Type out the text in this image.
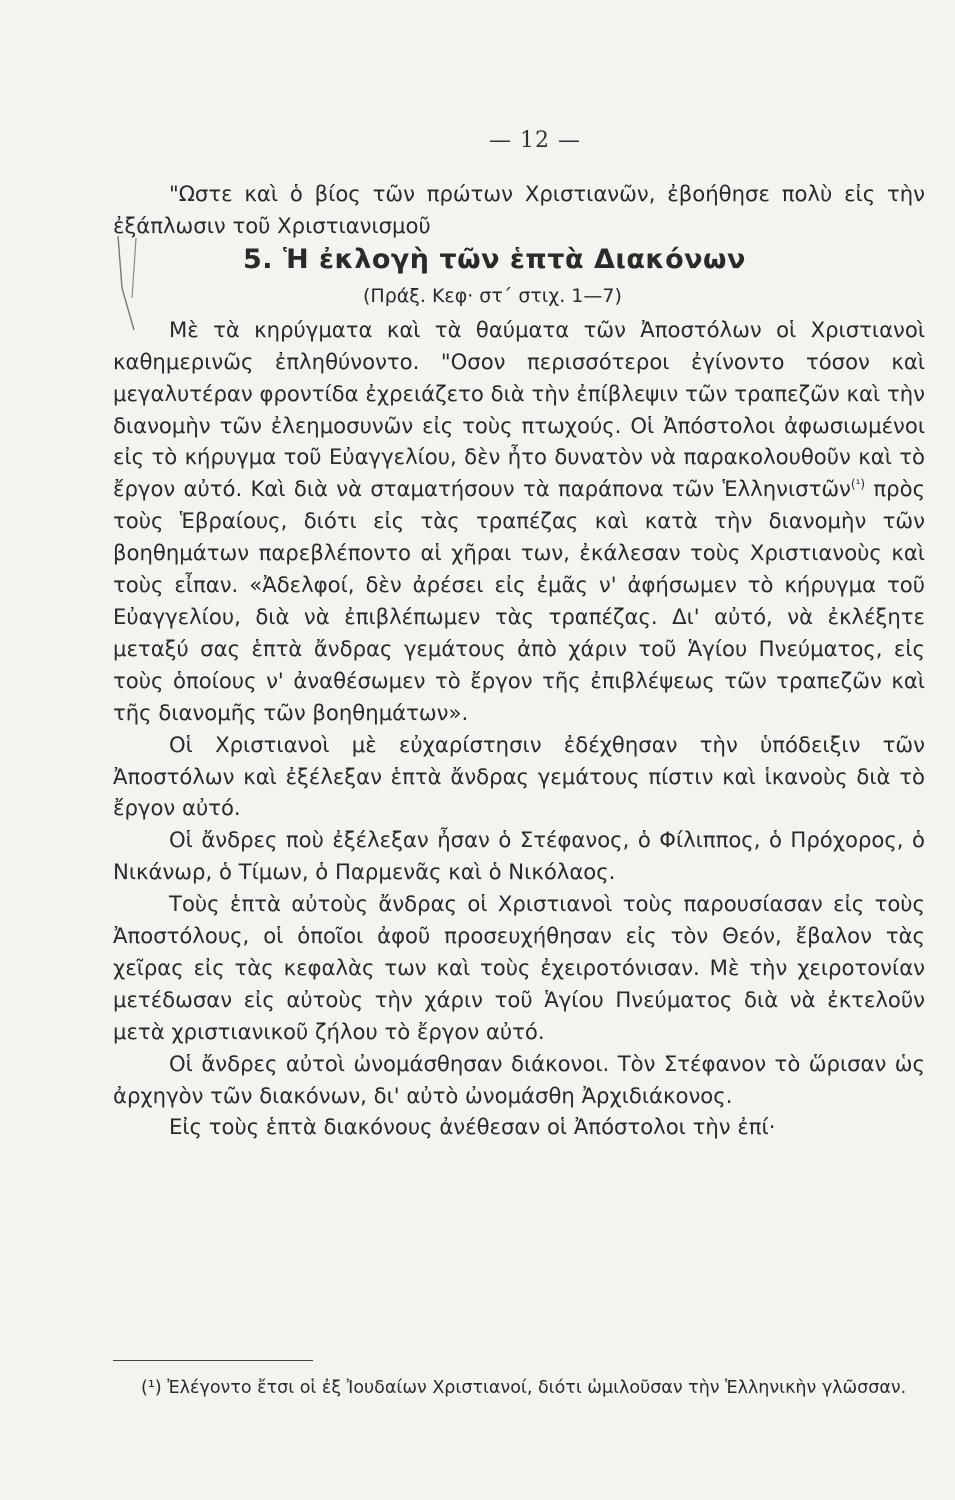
— 12 —

"Ωστε καὶ ὁ βίος τῶν πρώτων Χριστιανῶν, ἐβοήθησε πολὺ εἰς τὴν ἐξάπλωσιν τοῦ Χριστιανισμοῦ

5. Ἡ ἐκλογὴ τῶν ἑπτὰ Διακόνων

(Πράξ. Κεφ· στ΄ στιχ. 1—7)

Μὲ τὰ κηρύγματα καὶ τὰ θαύματα τῶν Ἀποστόλων οἱ Χριστιανοὶ καθημερινῶς ἐπληθύνοντο. "Οσον περισσότεροι ἐγίνοντο τόσον καὶ μεγαλυτέραν φροντίδα ἐχρειάζετο διὰ τὴν ἐπίβλεψιν τῶν τραπεζῶν καὶ τὴν διανομὴν τῶν ἐλεημοσυνῶν εἰς τοὺς πτωχούς. Οἱ Ἀπόστολοι ἀφωσιωμένοι εἰς τὸ κήρυγμα τοῦ Εὐαγγελίου, δὲν ἦτο δυνατὸν νὰ παρακολουθοῦν καὶ τὸ ἔργον αὐτό. Καὶ διὰ νὰ σταματήσουν τὰ παράπονα τῶν Ἑλληνιστῶν$^{(^1)}$ πρὸς τοὺς Ἑβραίους, διότι εἰς τὰς τραπέζας καὶ κατὰ τὴν διανομὴν τῶν βοηθημάτων παρεβλέποντο αἱ χῆραι των, ἐκάλεσαν τοὺς Χριστιανοὺς καὶ τοὺς εἶπαν. «Ἀδελφοί, δὲν ἀρέσει εἰς ἐμᾶς ν' ἀφήσωμεν τὸ κήρυγμα τοῦ Εὐαγγελίου, διὰ νὰ ἐπιβλέπωμεν τὰς τραπέζας. Δι' αὐτό, νὰ ἐκλέξητε μεταξύ σας ἑπτὰ ἄνδρας γεμάτους ἀπὸ χάριν τοῦ Ἁγίου Πνεύματος, εἰς τοὺς ὁποίους ν' ἀναθέσωμεν τὸ ἔργον τῆς ἐπιβλέψεως τῶν τραπεζῶν καὶ τῆς διανομῆς τῶν βοηθημάτων».

Οἱ Χριστιανοὶ μὲ εὐχαρίστησιν ἐδέχθησαν τὴν ὑπόδειξιν τῶν Ἀποστόλων καὶ ἐξέλεξαν ἑπτὰ ἄνδρας γεμάτους πίστιν καὶ ἱκανοὺς διὰ τὸ ἔργον αὐτό.

Οἱ ἄνδρες ποὺ ἐξέλεξαν ἦσαν ὁ Στέφανος, ὁ Φίλιππος, ὁ Πρόχορος, ὁ Νικάνωρ, ὁ Τίμων, ὁ Παρμενᾶς καὶ ὁ Νικόλαος.

Τοὺς ἑπτὰ αὐτοὺς ἄνδρας οἱ Χριστιανοὶ τοὺς παρουσίασαν εἰς τοὺς Ἀποστόλους, οἱ ὁποῖοι ἀφοῦ προσευχήθησαν εἰς τὸν Θεόν, ἔβαλον τὰς χεῖρας εἰς τὰς κεφαλὰς των καὶ τοὺς ἐχειροτόνισαν. Μὲ τὴν χειροτονίαν μετέδωσαν εἰς αὐτοὺς τὴν χάριν τοῦ Ἁγίου Πνεύματος διὰ νὰ ἐκτελοῦν μετὰ χριστιανικοῦ ζήλου τὸ ἔργον αὐτό.

Οἱ ἄνδρες αὐτοὶ ὠνομάσθησαν διάκονοι. Τὸν Στέφανον τὸ ὥρισαν ὡς ἀρχηγὸν τῶν διακόνων, δι' αὐτὸ ὠνομάσθη Ἀρχιδιάκονος.

Εἰς τοὺς ἑπτὰ διακόνους ἀνέθεσαν οἱ Ἀπόστολοι τὴν ἐπί·

(¹) Ἐλέγοντο ἔτσι οἱ ἐξ Ἰουδαίων Χριστιανοί, διότι ὡμιλοῦσαν τὴν Ἑλληνικὴν γλῶσσαν.
